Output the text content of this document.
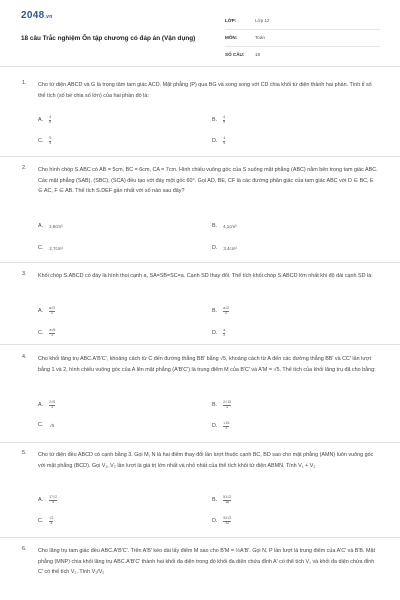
2048.vn
18 câu Trắc nghiệm Ôn tập chương có đáp án (Vận dụng)
LỚP:	Lớp 12
MÔN:	Toán
SỐ CÂU:	18
1. Cho tứ diện ABCD và G là trọng tâm tam giác ACD. Mặt phẳng (P) qua BG và song song với CD chia khối tứ diện thành hai phần. Tính tỉ số thể tích (số bé chia số lớn) của hai phần đó là:
A. $\frac{4}{5}$	B. $\frac{4}{9}$
C. $\frac{5}{4}$	D. $\frac{4}{5}$
2. Cho hình chóp S.ABC có AB = 5cm, BC = 6cm, CA = 7cm. Hình chiếu vuông góc của S xuống mặt phẳng (ABC) nằm bên trong tam giác ABC. Các mặt phẳng (SAB), (SBC), (SCA) đều tạo với đáy một góc 60°. Gọi AD, BE, CF là các đường phân giác của tam giác ABC với D ∈ BC, E ∈ AC, F ∈ AB. Thể tích S.DEF gần nhất với số nào sau đây?
A. 2,9cm³	B. 4,1cm³
C. 2,7cm³	D. 3,4cm³
3. Khối chóp S.ABCD có đáy là hình thoi cạnh a, SA=SB=SC=a. Cạnh SD thay đổi. Thể tích khối chóp S.ABCD lớn nhất khi độ dài cạnh SD là:
A. $\frac{a√3}{2}$	B. $\frac{a√2}{2}$
C. $\frac{a√6}{2}$	D. $\frac{a}{2}$
4. Cho khối lăng trụ ABC.A'B'C', khoảng cách từ C đến đường thẳng BB' bằng √5, khoảng cách từ A đến các đường thẳng BB' và CC' lần lượt bằng 1 và 2, hình chiếu vuông góc của A lên mặt phẳng (A'B'C') là trung điểm M của B'C' và A'M = √5. Thể tích của khối lăng trụ đã cho bằng:
A. $\frac{2√5}{3}$	B. $\frac{2√15}{3}$
C. √5	D. $\frac{√15}{3}$
5. Cho tứ diện đều ABCD có cạnh bằng 3. Gọi M, N là hai điểm thay đổi lần lượt thuộc cạnh BC, BD sao cho mặt phẳng (AMN) luôn vuông góc với mặt phẳng (BCD). Gọi V₁, V₂ lần lượt là giá trị lớn nhất và nhỏ nhất của thể tích khối tứ diện ABMN. Tính V₁ + V₂
A. $\frac{17√2}{4}$	B. $\frac{51√2}{16}$
C. $\frac{√2}{4}$	D. $\frac{51√2}{32}$
6. Cho lăng trụ tam giác đều ABC.A'B'C'. Trên A'B' kéo dài lấy điểm M sao cho B'M = ½A'B'. Gọi N, P lần lượt là trung điểm của A'C' và B'B. Mặt phẳng (MNP) chia khối lăng trụ ABC.A'B'C' thành hai khối đa diện trong đó khối đa diện chứa đỉnh A' có thể tích V₁ và khối đa diện chứa đỉnh C' có thể tích V₂. Tính V₁/V₂
